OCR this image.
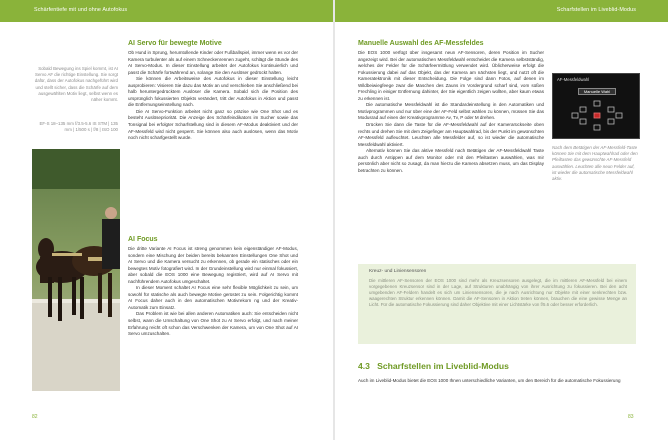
Schärfentiefe mit und ohne Autofokus	Scharfstellen im Liveblid-Modus
Sobald Bewegung ins Spiel kommt, ist AI Servo AF die richtige Einstellung. Sie sorgt dafür, dass der Autofokus nachgeführt wird und stellt sicher, dass die Schärfe auf dem ausgewählten Motiv liegt, selbst wenn es näher kommt.
EF-S 18–135 mm f/3.5-5.6 IS STM | 135 mm | 1/500 s | f/8 | ISO 100
AI Servo für bewegte Motive

Ob Hund in Sprung, herumtollende Kinder oder Fußballspiel, immer wenn es vor der Kamera turbulenter als auf einem Schneckenrennen zugeht, schlägt die Stunde des AI Servo-Modus. In dieser Einstellung arbeitet der Autofokus kontinuierlich und passt die Schärfe fortwährend an, solange Sie den Auslöser gedrückt halten.

Sie können die Arbeitsweise des Autofokus in dieser Einstellung leicht ausprobieren: Visieren Sie dazu das Motiv an und verschieben Sie anschließend bei halb heruntergedrücktem Auslöser die Kamera. Sobald sich die Position des ursprünglich fokussierten Objekts verändert, tritt der Autofokus in Aktion und passt die Entfernungseinstellung nach.

Die AI Servo-Funktion arbeitet nicht ganz so präzise wie One Shot und es besteht Auslösepriorität. Die Anzeige des Schärfeindikators im Sucher sowie das Tonsignal bei erfolgter Scharfstellung sind in diesem AF-Modus deaktiviert und der AF-Messfeld wird nicht gesperrt. Sie können also auch auslösen, wenn das Motiv noch nicht scharfgestellt wurde.

AI Focus

Die dritte Variante AI Focus ist streng genommen kein eigenständiger AF-Modus, sondern eine Mischung der beiden bereits bekannten Einstellungen One Shot und AI Servo und die Kamera versucht zu erkennen, ob gerade ein statisches oder ein bewegtes Motiv fotografiert wird. In der Grundeinstellung wird nur einmal fokussiert, aber sobald die EOS 1000 eine Bewegung registriert, wird auf AI Servo mit nachführendem Autofokus umgeschaltet.

In dieser Moment schaltet AI Focus eine sehr flexible Möglichkeit zu sein, um sowohl für statische als auch bewegte Motive gerüstet zu sein. Folgerichtig kommt AI Focus daher auch in den automatischen Motivrekorn ng und der Kreativ-Automatik zum Einsatz.

Das Problem ist wie bei allen anderen Automatiken auch: Sie entscheiden nicht selbst, wann die Umschaltung von One Shot zu AI Servo erfolgt, und nach meiner Erfahrung reicht oft schon das Verschwenken der Kamera, um von One Shot auf AI Servo umzuschalten.

82
Manuelle Auswahl des AF-Messfeldes

Die EOS 1000 verfügt über insgesamt neun AF-Sensoren, deren Position im Sucher angezeigt wird. Bei der automatischen Messfeldwahl entscheidet die Kamera selbstständig, welches der Felder für die Schärfeermittlung verwendet wird. Üblicherweise erfolgt die Fokussierung dabei auf das Objekt, das der Kamera am nächsten liegt, und nutzt oft die Kameratektronik mit dieser Entscheidung. Die Folge sind dann Fotos, auf denen im Wildbeiwiegfeege zwar die Maschen des Zauns im Vordergrund scharf sind, vom süßen Frechling in einiger Entfernung dahinter, der Sie eigentlich zeigen wollten, aber kaum etwas zu erkennen ist.

Die automatische Messfeldwahl ist die Standardeinstellung in den Automatiken und Motivprogrammen und nur über eine der AF-Feld selbst wählen zu können, müssen Sie das Modusrad auf einen der Kreativprogramme Av, Tv, P oder M drehen.

Drücken Sie dann die Taste für die AF-Messfeldwahl auf der Kamerarückseite oben rechts und drehen Sie mit dem Zeigefinger am Hauptwahlrad, bis der Punkt im gewünschten AF-Messfeld aufleuchtet. Leuchten alle Messfelder auf, so ist wieder die automatische Messfeldwahl aktiviert.

Alternativ können Sie das aktive Messfeld nach Betätigen der AF-Messfeldwahl Taste auch durch Antippen auf dem Monitor oder mit den Pfeiltasten auswählen, was mir persönlich aber nicht so zusagt, da man hierzu die Kamera absetzen muss, um das Display betrachten zu können.

AF-Messfeldwahl
Manuelle Wahl
Nach dem Betätigen der AF-Messfeld-Taste können Sie mit dem Hauptwahlrad oder den Pfeiltasten das gewünschte AF-Messfeld auswählen. Leuchten alle neun Felder auf, ist wieder die automatische Messfeldwahl aktiv.
Kreuz- und Liniensensoren
Die mittleren AF-Sensoren der EOS 1000 sind mehr als Kreuzsensoren ausgelegt, die im mittleren AF-Messfeld bei einem vorgegebenen Kreuzsensor sind in der Lage, auf Strukturen unabhängig von ihrer Ausrichtung zu fokussieren. Bei den acht umgebenden AF-Feldern handelt es sich um Liniensensoren, die je nach Ausrichtung nur Objekte mit einer senkrechten bzw. waagerechten Struktur erkennen können. Damit die AF-Sensoren in Aktion treten können, brauchen die eine gewisse Menge an Licht. Für die automatische Fokussierung sind daher Objektive mit einer Lichtstärke von f/5.6 oder besser erforderlich.
4.3 Scharfstellen im Liveblid-Modus

Auch im Liveblid-Modus bietet die EOS 1000 Ihnen unterschiedliche Varianten, um den Bereich für die automatische Fokussierung

83
